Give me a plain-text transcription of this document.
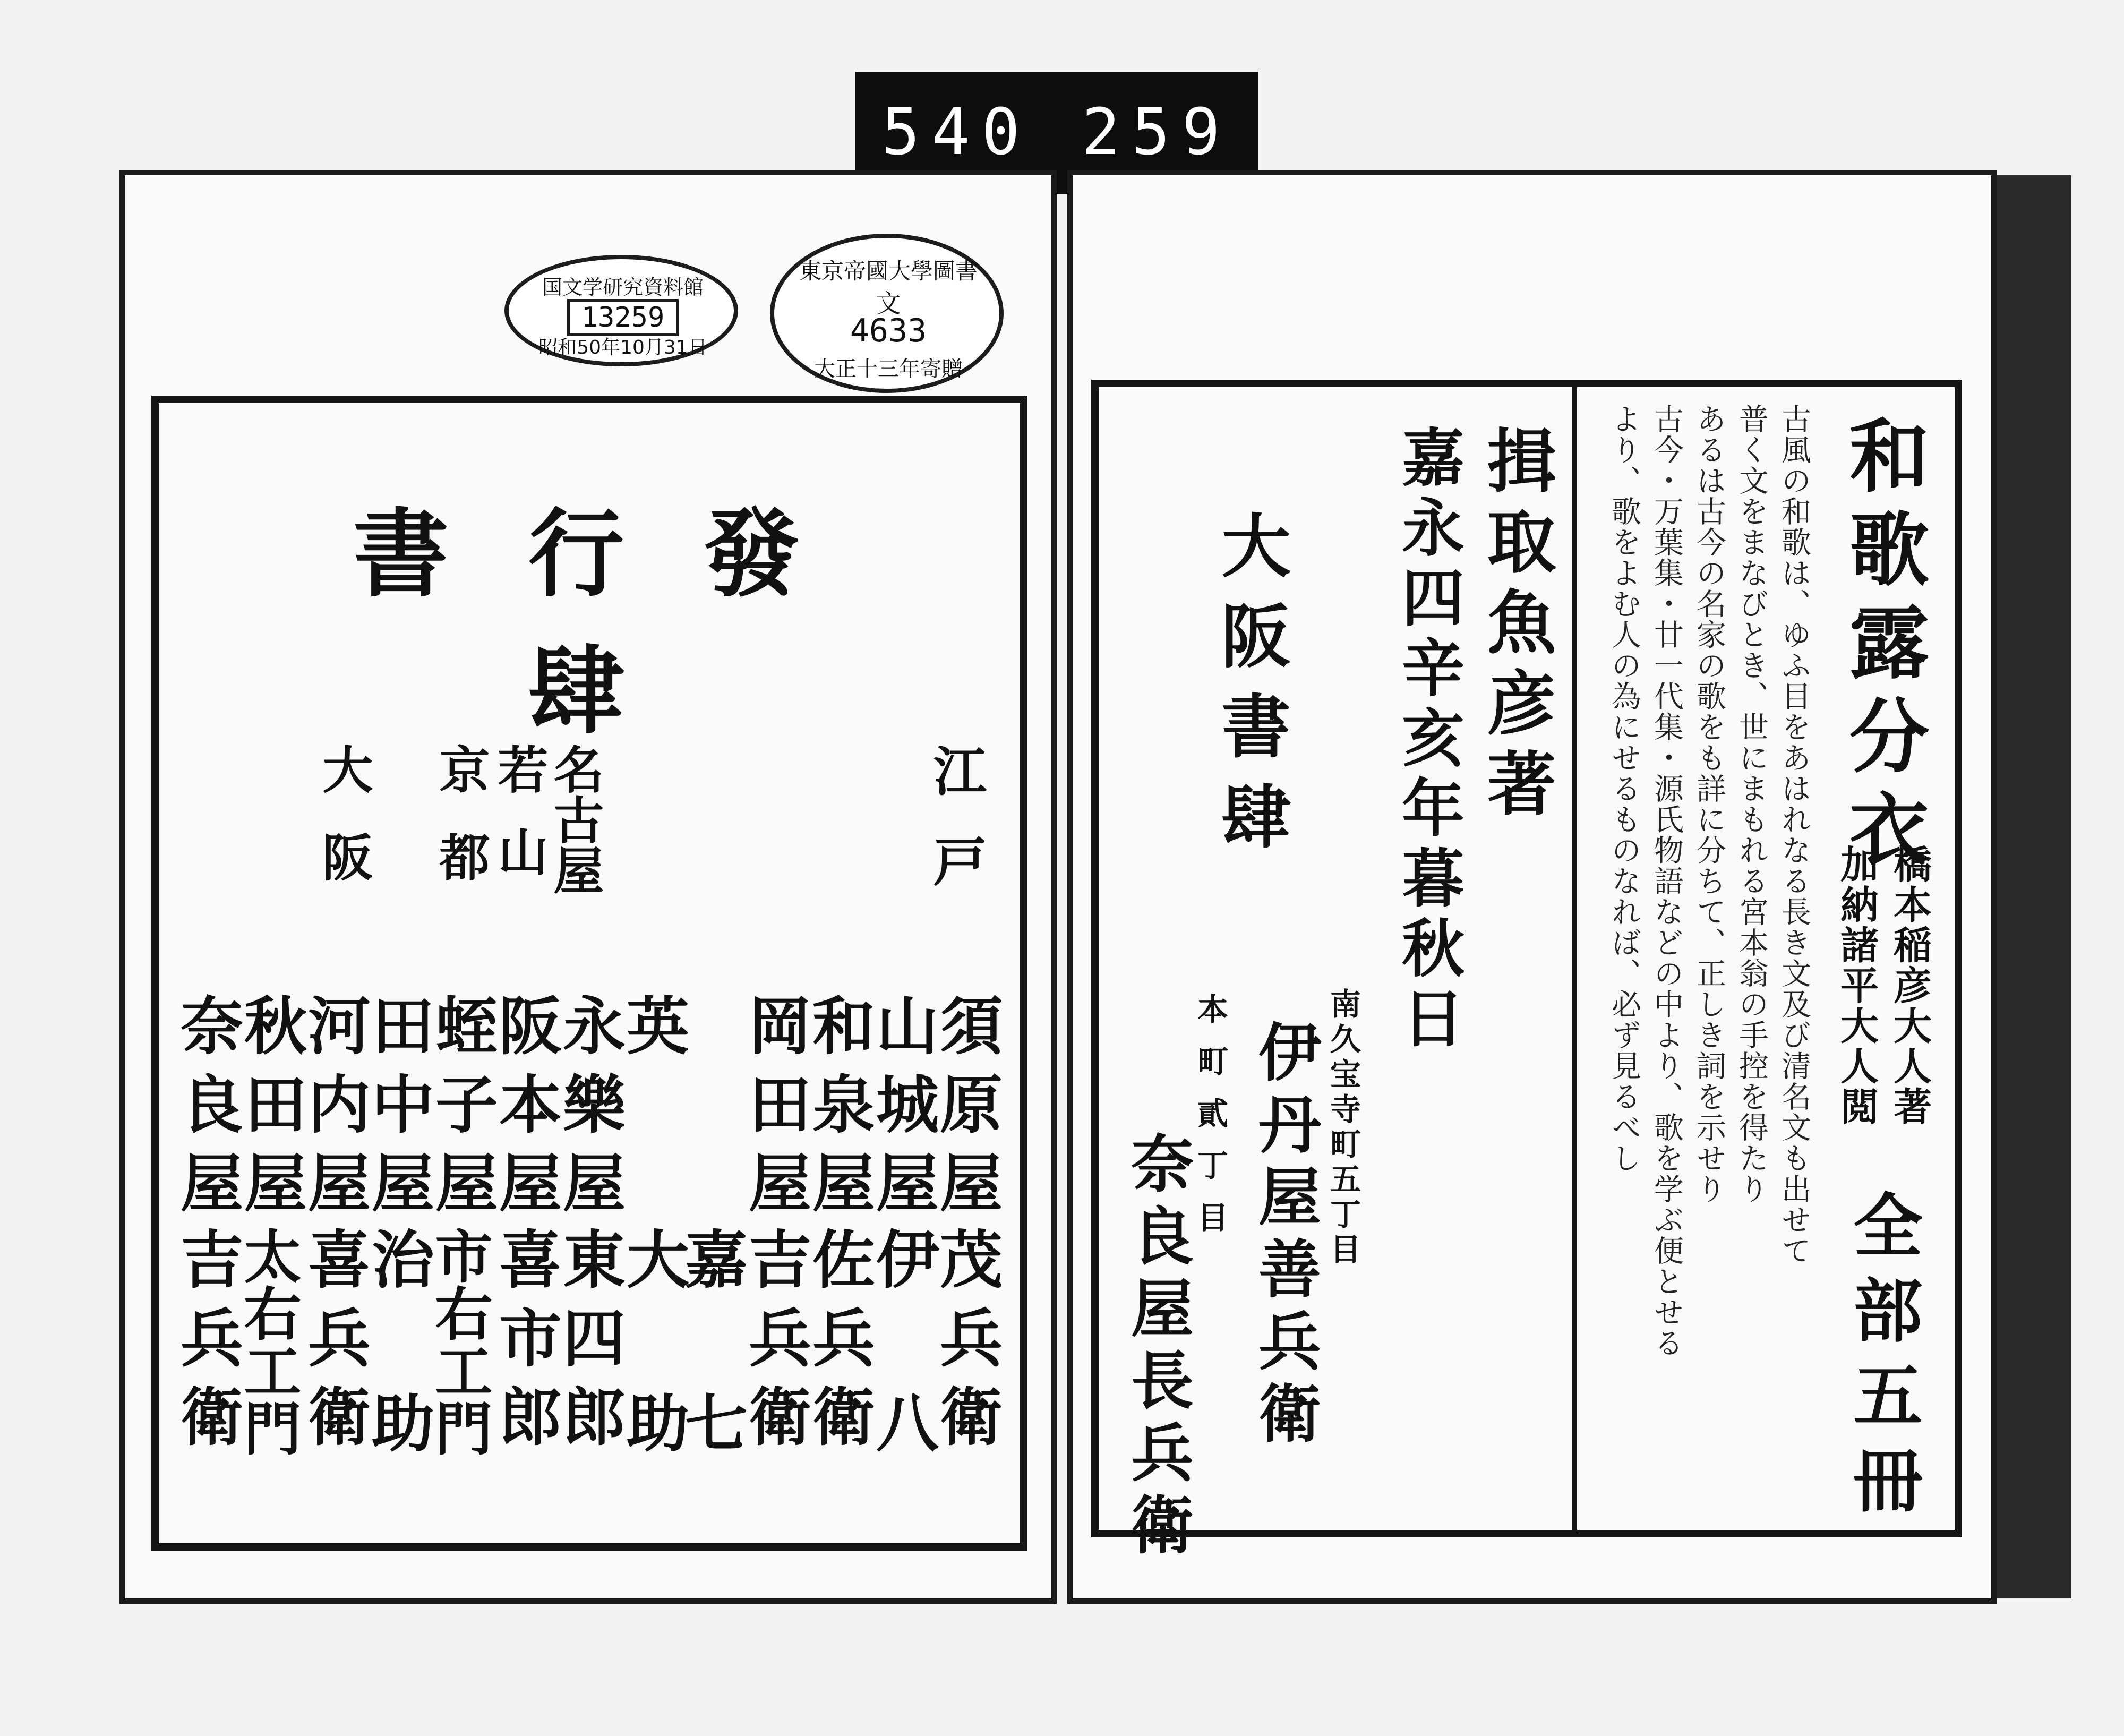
540 259
国文学研究資料館
13259
昭和50年10月31日
東京帝國大學圖書
文
4633
大正十三年寄贈
發行書肆
江戸
名古屋
若山
京都
大阪
須原屋
茂兵衛
山城屋
伊八
和泉屋
佐兵衛
岡田屋
吉兵衛
嘉七
英
大助
永樂屋
東四郎
阪本屋
喜市郎
蛭子屋
市右工門
田中屋
治助
河内屋
喜兵衛
秋田屋
太右工門
奈良屋
吉兵衛
和歌露分衣
橋本稲彦大人著
加納諸平大人閲
全部五冊
古風の和歌は、ゆふ目をあはれなる長き文及び清名文も出せて
普く文をまなびとき、世にまもれる宮本翁の手控を得たり
あるは古今の名家の歌をも詳に分ちて、正しき詞を示せり
古今・万葉集・廿一代集・源氏物語などの中より、歌を学ぶ便とせる
より、歌をよむ人の為にせるものなれば、必ず見るべし
揖取魚彦著
嘉永四辛亥年暮秋日
大阪書肆
南久宝寺町五丁目
伊丹屋善兵衛
本町貳丁目
奈良屋長兵衛
